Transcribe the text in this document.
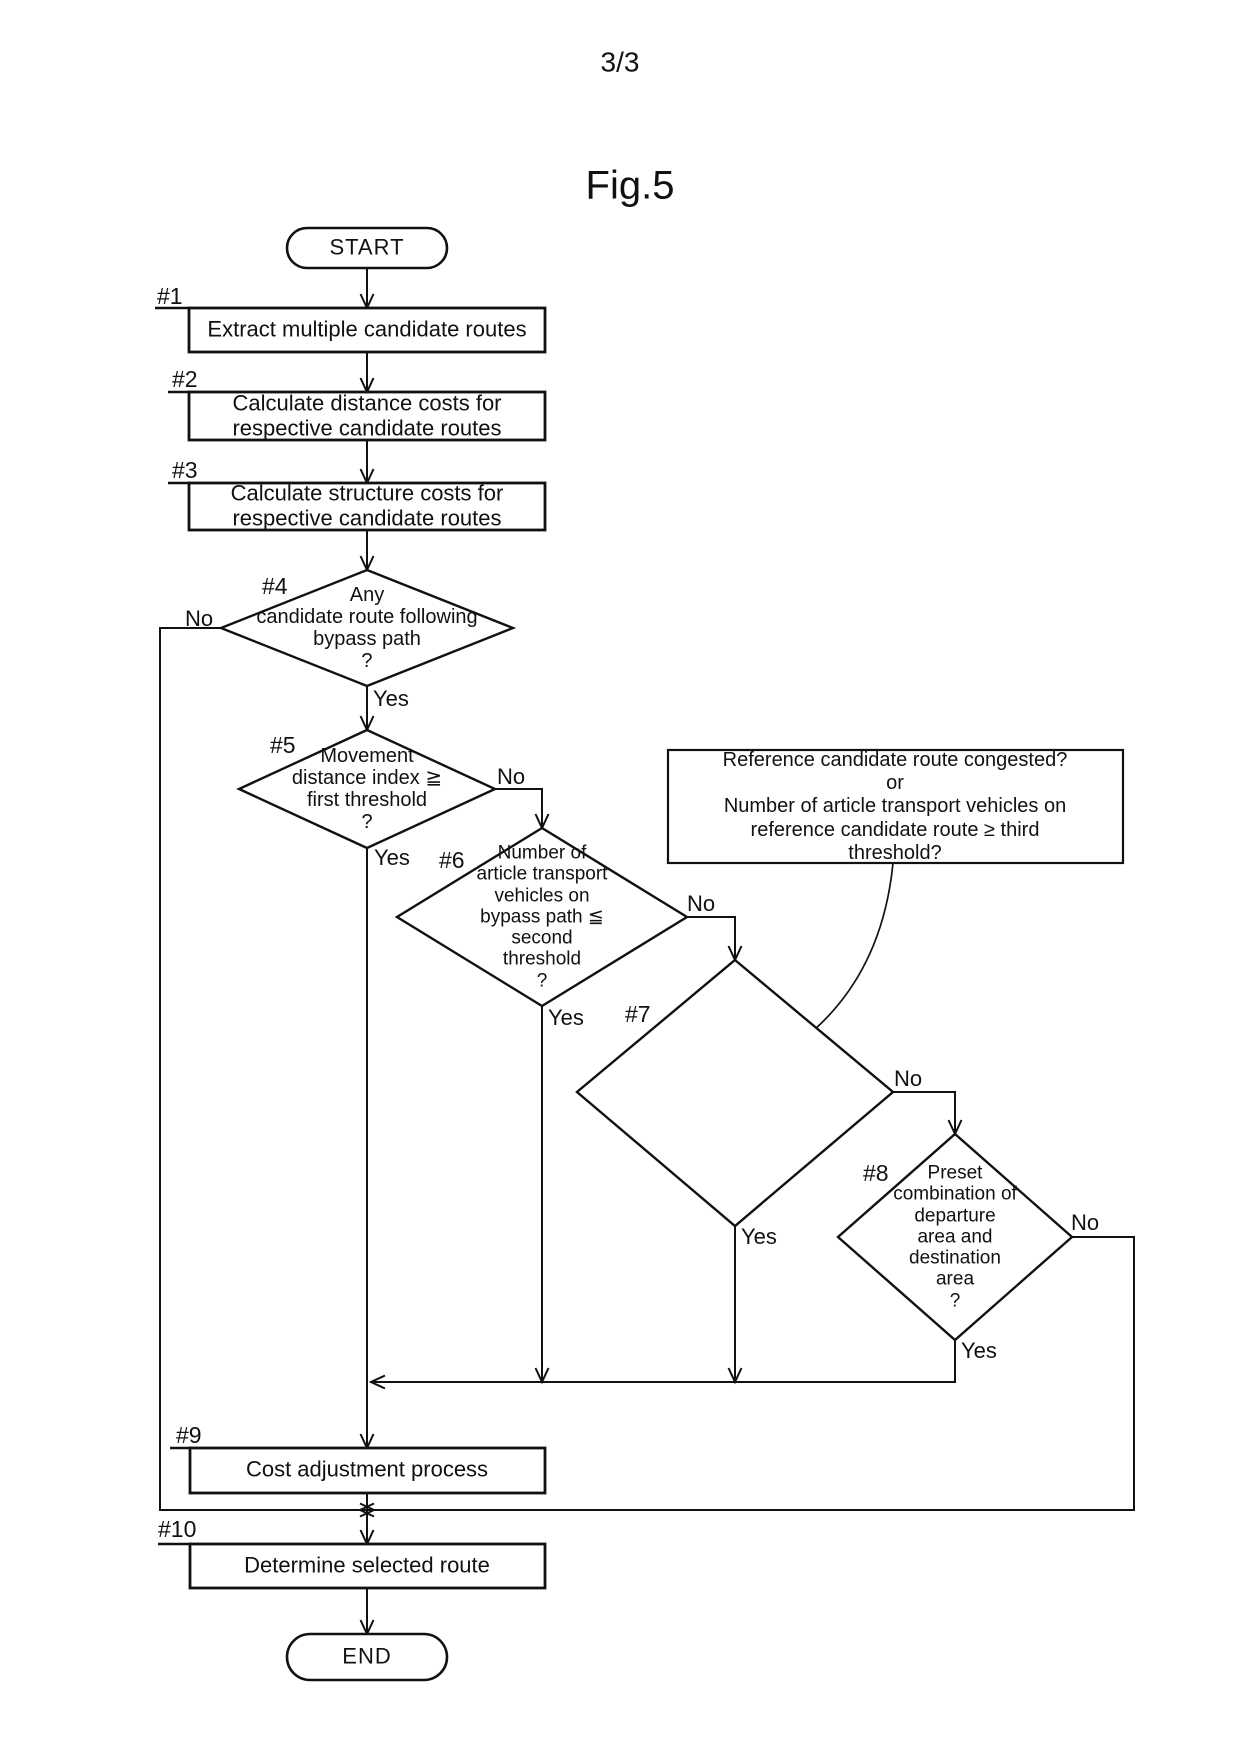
3/3
Fig.5
START
END
Extract multiple candidate routes
Calculate distance costs for
respective candidate routes
Calculate structure costs for
respective candidate routes
Cost adjustment process
Determine selected route
Any
candidate route following
bypass path
?
Movement
distance index ≧
first threshold
?
Number of
article transport
vehicles on
bypass path ≦
second
threshold
?
Preset
combination of
departure
area and
destination
area
?
Reference candidate route congested?
or
Number of article transport vehicles on
reference candidate route ≥ third threshold?
#1
#2
#3
#4
#5
#6
#7
#8
#9
#10
No
Yes
No
Yes
No
Yes
No
Yes
No
Yes
